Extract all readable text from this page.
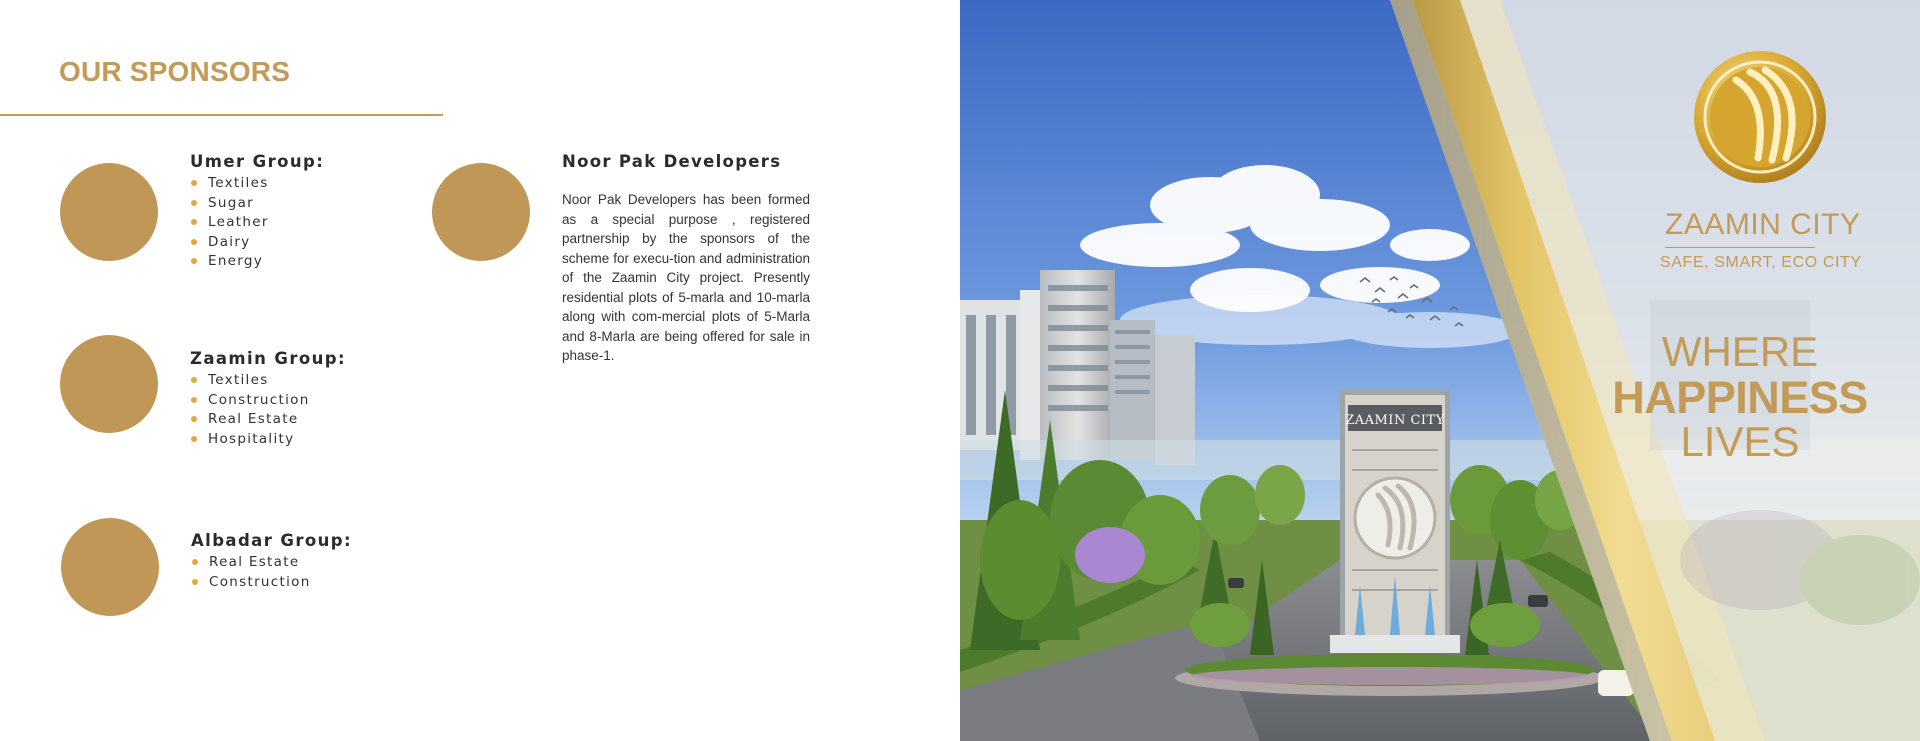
OUR SPONSORS
Umer Group:
Textiles
Sugar
Leather
Dairy
Energy
Zaamin Group:
Textiles
Construction
Real Estate
Hospitality
Albadar Group:
Real Estate
Construction
Noor Pak Developers

Noor Pak Developers has been formed as a special purpose , registered partnership by the sponsors of the scheme for execu-tion and administration of the Zaamin City project. Presently residential plots of 5-marla and 10-marla along with com-mercial plots of 5-Marla and 8-Marla are being offered for sale in phase-1.

ZAAMIN CITY
ZAAMIN CITY
SAFE, SMART, ECO CITY
WHERE
HAPPINESS
LIVES
